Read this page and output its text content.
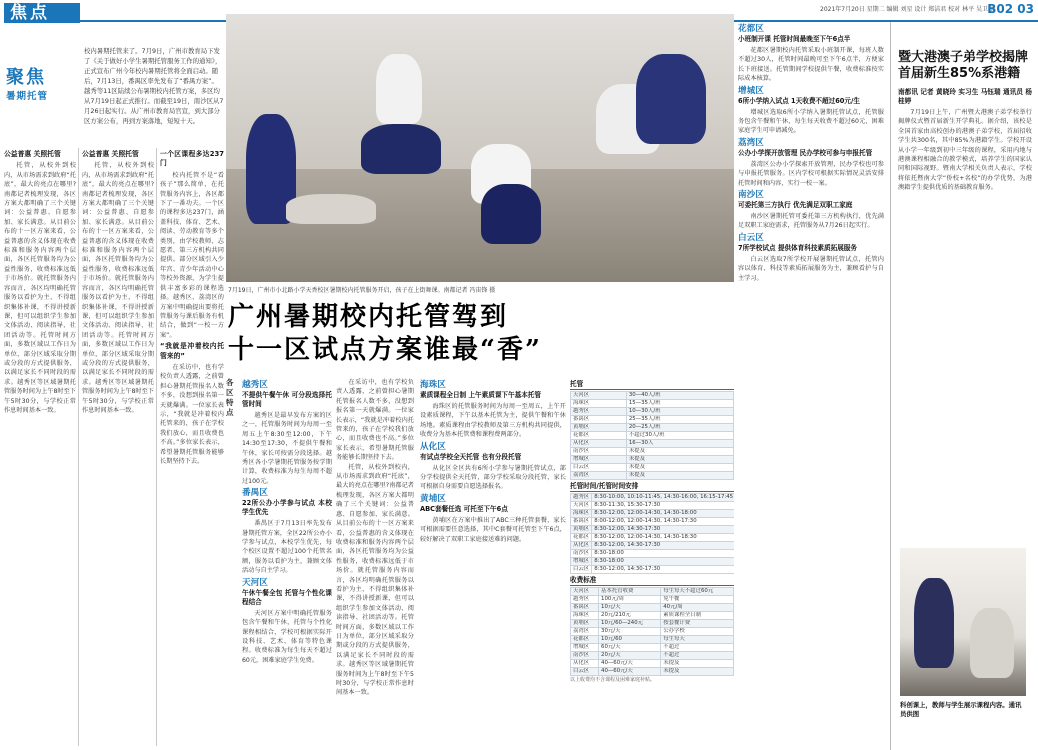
焦点	2021年7月20日 星期二 编辑 刘星 设计 郑洁君 校对 林平 吴卫东
B02 03
聚焦
暑期托管
校内暑期托管来了。7月9日，广州市教育局下发了《关于做好小学生暑期托管服务工作的通知》，正式宣布广州今年校内暑期托管将全面启动。随后，7月13日，番禺区率先发布了“番禺方案”。越秀等11区陆续公布暑期校内托管方案，多区均从7月19日起正式推行。而截至19日，南沙区从7月26日起实行。从广州市教育局官宣，到大部分区方案公布，再到方案落地，短短十天。
7月19日，广州市小北路小学天香校区暑期校内托管服务开启，孩子在上街舞课。南都记者 冯宙锋 摄
广州暑期校内托管驾到
十一区试点方案谁最“香”
公益普惠 关照托管

托管，从校外到校内，从市场需求到政府“托底”，最大的亮点在哪里?南都记者梳理发现，各区方案大都明确了三个关键词：公益普惠、自愿参加、家长满意。从目前公布的十一区方案来看，公益普惠的含义体现在收费标准和服务内容两个层面，各区托管服务均为公益性服务，收费标准远低于市场价。就托管服务内容而言，各区均明确托管服务以看护为主，不得组织集体补课，不得讲授新课，但可以组织学生参加文体活动、阅读指导、社团活动等。托管时间方面，多数区域以工作日为单位，部分区域采取分期或分段的方式提供服务，以满足家长不同时段的需求。越秀区等区域暑期托管服务时间为上午8时至下午5时30分，与学校正常作息时间基本一致。

公益普惠 关照托管

托管，从校外到校内，从市场需求到政府“托底”，最大的亮点在哪里?南都记者梳理发现，各区方案大都明确了三个关键词：公益普惠、自愿参加、家长满意。从目前公布的十一区方案来看，公益普惠的含义体现在收费标准和服务内容两个层面，各区托管服务均为公益性服务，收费标准远低于市场价。就托管服务内容而言，各区均明确托管服务以看护为主，不得组织集体补课，不得讲授新课，但可以组织学生参加文体活动、阅读指导、社团活动等。托管时间方面，多数区域以工作日为单位，部分区域采取分期或分段的方式提供服务，以满足家长不同时段的需求。越秀区等区域暑期托管服务时间为上午8时至下午5时30分，与学校正常作息时间基本一致。

一个区课程多达237门

校内托管不是“看孩子”那么简单，在托管服务内容上，各区都下了一番功夫。一个区的课程多达237门，涵盖科技、体育、艺术、阅读、劳动教育等多个类别，由学校教师、志愿者、第三方机构共同提供。部分区域引入少年宫、青少年活动中心等校外资源，为学生提供丰富多彩的课程选择。越秀区、荔湾区的方案中明确提出要将托管服务与课后服务有机结合，做到“一校一方案”。

“我就是冲着校内托管来的”

在采访中，也有学校负责人透露，之前曾担心暑期托管报名人数不多，没想到报名第一天就爆满。一位家长表示，“我就是冲着校内托管来的，孩子在学校我们放心，而且收费也不高。”多位家长表示，希望暑期托管服务能够长期坚持下去。

各区特点
越秀区
不提供午餐午休 可分段选择托管时间

越秀区是最早发布方案的区之一，托管服务时间为每周一至周五上午8:30至12:00，下午14:30至17:30，不提供午餐和午休，家长可按需分段选择。越秀区各小学暑期托管服务按学期计算，收费标准为每生每周不超过100元。

番禺区
22所公办小学参与试点 本校学生优先

番禺区于7月13日率先发布暑期托管方案，全区22所公办小学参与试点，本校学生优先，每个校区设置不超过100个托管名额，服务以看护为主，兼顾文体活动与自主学习。

天河区
午休午餐全包 托管与个性化课程结合

天河区方案中明确托管服务包含午餐和午休，托管与个性化课程相结合，学校可根据实际开设科技、艺术、体育等特色课程。收费标准为每生每天不超过60元，困难家庭学生免费。

在采访中，也有学校负责人透露，之前曾担心暑期托管报名人数不多，没想到报名第一天就爆满。一位家长表示，“我就是冲着校内托管来的，孩子在学校我们放心，而且收费也不高。”多位家长表示，希望暑期托管服务能够长期坚持下去。

托管，从校外到校内，从市场需求到政府“托底”，最大的亮点在哪里?南都记者梳理发现，各区方案大都明确了三个关键词：公益普惠、自愿参加、家长满意。从目前公布的十一区方案来看，公益普惠的含义体现在收费标准和服务内容两个层面，各区托管服务均为公益性服务，收费标准远低于市场价。就托管服务内容而言，各区均明确托管服务以看护为主，不得组织集体补课，不得讲授新课，但可以组织学生参加文体活动、阅读指导、社团活动等。托管时间方面，多数区域以工作日为单位，部分区域采取分期或分段的方式提供服务，以满足家长不同时段的需求。越秀区等区域暑期托管服务时间为上午8时至下午5时30分，与学校正常作息时间基本一致。

海珠区
素质课程全日制 上午素质课下午基本托管

海珠区的托管服务时间为每周一至周五，上午开设素质课程，下午以基本托管为主，提供午餐和午休场地。素质课程由学校教师及第三方机构共同提供，收费分为基本托管费和课程费两部分。

从化区
有试点学校全天托管 也有分段托管

从化区全区共有6所小学参与暑期托管试点，部分学校提供全天托管，部分学校采取分段托管，家长可根据自身需要自愿选择报名。

黄埔区
ABC套餐任选 可托至下午6点

黄埔区在方案中推出了ABC三种托管套餐，家长可根据需要任意选择，其中C套餐可托管至下午6点，较好解决了双职工家庭接送难的问题。

托管
天河区	30—40人/班
海珠区	15—35人/班
越秀区	10—30人/班
番禺区	25—35人/班
黄埔区	20—25人/班
花都区	不超过30人/班
从化区	16—30人
南沙区	未提及
增城区	未提及
白云区	未提及
荔湾区	未提及
托管时间/托管时间安排
越秀区	8:30-10:00, 10:10-11:45, 14:30-16:00, 16:15-17:45
天河区	8:30-11:30, 15:30-17:30
海珠区	8:30-12:00, 12:00-14:30, 14:30-18:00
番禺区	8:00-12:00, 12:00-14:30, 14:30-17:30
黄埔区	8:30-12:00, 14:30-17:30
花都区	8:30-12:00, 12:00-14:30, 14:30-18:30
从化区	8:30-12:00, 14:30-17:30
南沙区	8:30-18:00
增城区	8:30-18:00
白云区	8:30-12:00, 14:30-17:30
收费标准
天河区	基本托管收费	每生每天不超过60元
越秀区	100元/周	免午餐
番禺区	10元/天	40元/周
海珠区	20元/210元	素质课程全日制
黄埔区	10元/60—240元	按套餐计费
荔湾区	30元/天	公办学校
花都区	10元/60	每生每天
增城区	60元/天	不超过
南沙区	20元/天	不超过
从化区	40—60元/天	未提及
白云区	40—60元/天	未提及
以上收费均不含课程及困难家庭补贴。
花都区
小班制开课 托管时间最晚至下午6点半

花都区暑期校内托管采取小班制开课，每班人数不超过30人，托管时间最晚可至下午6点半，方便家长下班接送。托管期间学校提供午餐，收费标准按实际成本核算。

增城区
6所小学纳入试点 1天收费不超过60元/生

增城区选取6所小学纳入暑期托管试点，托管服务包含午餐和午休，每生每天收费不超过60元，困难家庭学生可申请减免。

荔湾区
公办小学探开放管理 民办学校可参与申报托管

荔湾区公办小学探索开放管理，民办学校也可参与申报托管服务。区内学校可根据实际情况灵活安排托管时间和内容，实行一校一案。

南沙区
可委托第三方执行 优先满足双职工家庭

南沙区暑期托管可委托第三方机构执行，优先满足双职工家庭需求，托管服务从7月26日起实行。

白云区
7所学校试点 提供体育科技素质拓展服务

白云区选取7所学校开展暑期托管试点，托管内容以体育、科技等素质拓展服务为主，兼顾看护与自主学习。

暨大港澳子弟学校揭牌 首届新生85%系港籍
南都讯 记者 黄晓玲 实习生 马钰瑞 通讯员 杨桂婷

7月19日上午，广州暨大港澳子弟学校举行揭牌仪式暨首届新生开学典礼。据介绍，该校是全国首家由高校创办的港澳子弟学校，首届招收学生共300名，其中85%为港籍学生。学校开设从小学一年级到初中三年级的课程，采用内地与港澳课程相融合的教学模式，培养学生的国家认同和国际视野。暨南大学相关负责人表示，学校将依托暨南大学“侨校+名校”的办学优势，为港澳籍学生提供优质的基础教育服务。

科创课上，教师与学生展示课程内容。通讯员供图
